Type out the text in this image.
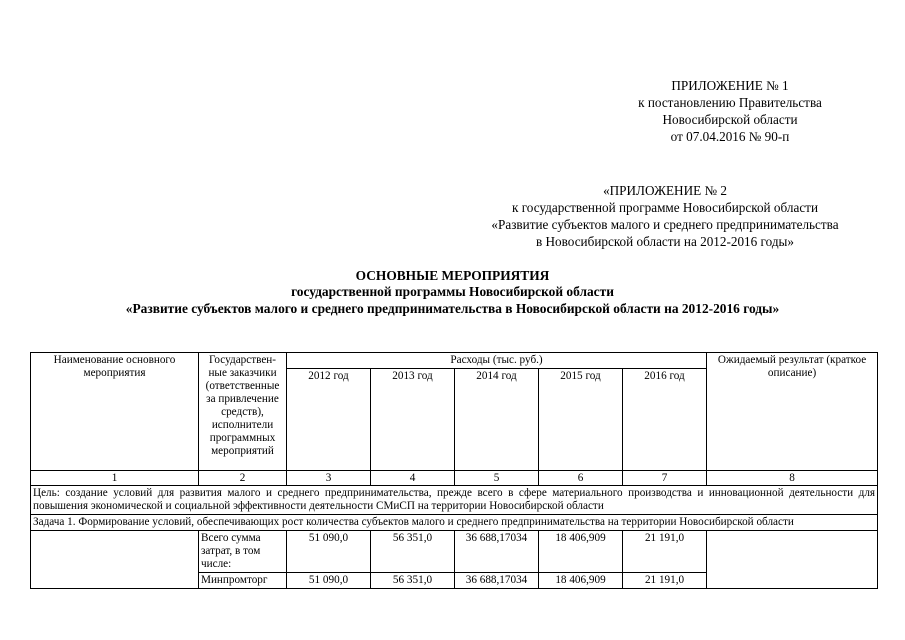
ПРИЛОЖЕНИЕ № 1
к постановлению Правительства
Новосибирской области
от 07.04.2016 № 90-п
«ПРИЛОЖЕНИЕ № 2
к государственной программе Новосибирской области
«Развитие субъектов малого и среднего предпринимательства
в Новосибирской области на 2012-2016 годы»
ОСНОВНЫЕ МЕРОПРИЯТИЯ
государственной программы Новосибирской области
«Развитие субъектов малого и среднего предпринимательства в Новосибирской области на 2012-2016 годы»
Наименование основного мероприятия	Государствен-ные заказчики (ответственные за привлечение средств), исполнители программных мероприятий	Расходы (тыс. руб.)					Ожидаемый результат (краткое описание)
		2012 год	2013 год	2014 год	2015 год	2016 год	
1	2	3	4	5	6	7	8
Цель: создание условий для развития малого и среднего предпринимательства, прежде всего в сфере материального производства и инновационной деятельности для повышения экономической и социальной эффективности деятельности СМиСП на территории Новосибирской области							
Задача 1. Формирование условий, обеспечивающих рост количества субъектов малого и среднего предпринимательства на территории Новосибирской области							
	Всего сумма затрат, в том числе:	51 090,0	56 351,0	36 688,17034	18 406,909	21 191,0	
	Минпромторг	51 090,0	56 351,0	36 688,17034	18 406,909	21 191,0	
